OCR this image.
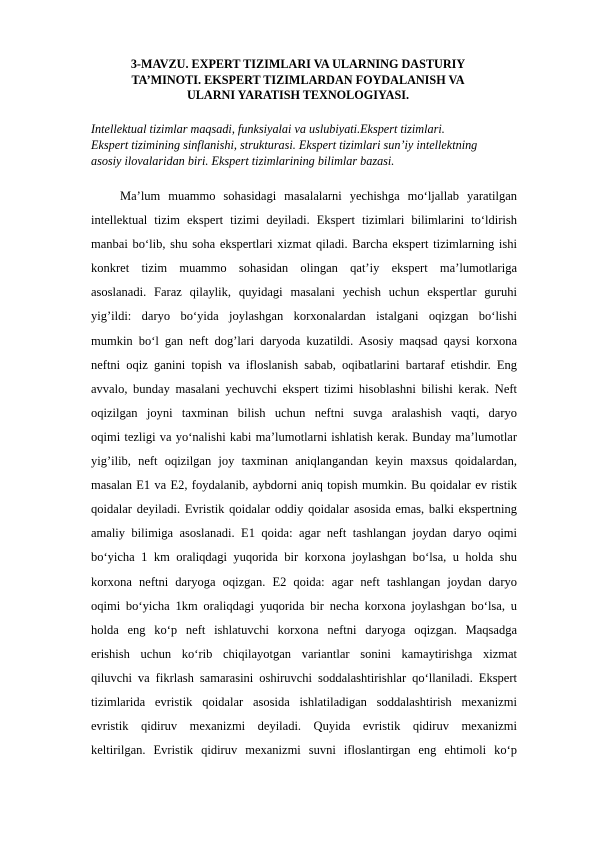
3-MAVZU. EXPERT TIZIMLARI VA ULARNING DASTURIY
TA’MINOTI. EKSPERT TIZIMLARDAN FOYDALANISH VA
ULARNI YARATISH TEXNOLOGIYASI.
Intellektual tizimlar maqsadi, funksiyalai va uslubiyati.Ekspert tizimlari.
Ekspert tizimining sinflanishi, strukturasi. Ekspert tizimlari sun’iy intellektning
asosiy ilovalaridan biri. Ekspert tizimlarining bilimlar bazasi.
Ma’lum muammo sohasidagi masalalarni yechishga mo‘ljallab yaratilgan
intellektual tizim ekspert tizimi deyiladi. Ekspert tizimlari bilimlarini to‘ldirish
manbai bo‘lib, shu soha ekspertlari xizmat qiladi. Barcha ekspert tizimlarning ishi
konkret tizim muammo sohasidan olingan qat’iy ekspert ma’lumotlariga
asoslanadi. Faraz qilaylik, quyidagi masalani yechish uchun ekspertlar guruhi
yig’ildi: daryo bo‘yida joylashgan korxonalardan istalgani oqizgan bo‘lishi
mumkin bo‘l gan neft dog’lari daryoda kuzatildi. Asosiy maqsad qaysi korxona
neftni oqiz ganini topish va ifloslanish sabab, oqibatlarini bartaraf etishdir. Eng
avvalo, bunday masalani yechuvchi ekspert tizimi hisoblashni bilishi kerak. Neft
oqizilgan joyni taxminan bilish uchun neftni suvga aralashish vaqti, daryo
oqimi tezligi va yo‘nalishi kabi ma’lumotlarni ishlatish kerak. Bunday ma’lumotlar
yig’ilib, neft oqizilgan joy taxminan aniqlangandan keyin maxsus qoidalardan,
masalan E1 va E2, foydalanib, aybdorni aniq topish mumkin. Bu qoidalar ev ristik
qoidalar deyiladi. Evristik qoidalar oddiy qoidalar asosida emas, balki ekspertning
amaliy bilimiga asoslanadi. E1 qoida: agar neft tashlangan joydan daryo oqimi
bo‘yicha 1 km oraliqdagi yuqorida bir korxona joylashgan bo‘lsa, u holda shu
korxona neftni daryoga oqizgan. E2 qoida: agar neft tashlangan joydan daryo
oqimi bo‘yicha 1km oraliqdagi yuqorida bir necha korxona joylashgan bo‘lsa, u
holda eng ko‘p neft ishlatuvchi korxona neftni daryoga oqizgan. Maqsadga
erishish uchun ko‘rib chiqilayotgan variantlar sonini kamaytirishga xizmat
qiluvchi va fikrlash samarasini oshiruvchi soddalashtirishlar qo‘llaniladi. Ekspert
tizimlarida evristik qoidalar asosida ishlatiladigan soddalashtirish mexanizmi
evristik qidiruv mexanizmi deyiladi. Quyida evristik qidiruv mexanizmi
keltirilgan. Evristik qidiruv mexanizmi suvni ifloslantirgan eng ehtimoli ko‘p
